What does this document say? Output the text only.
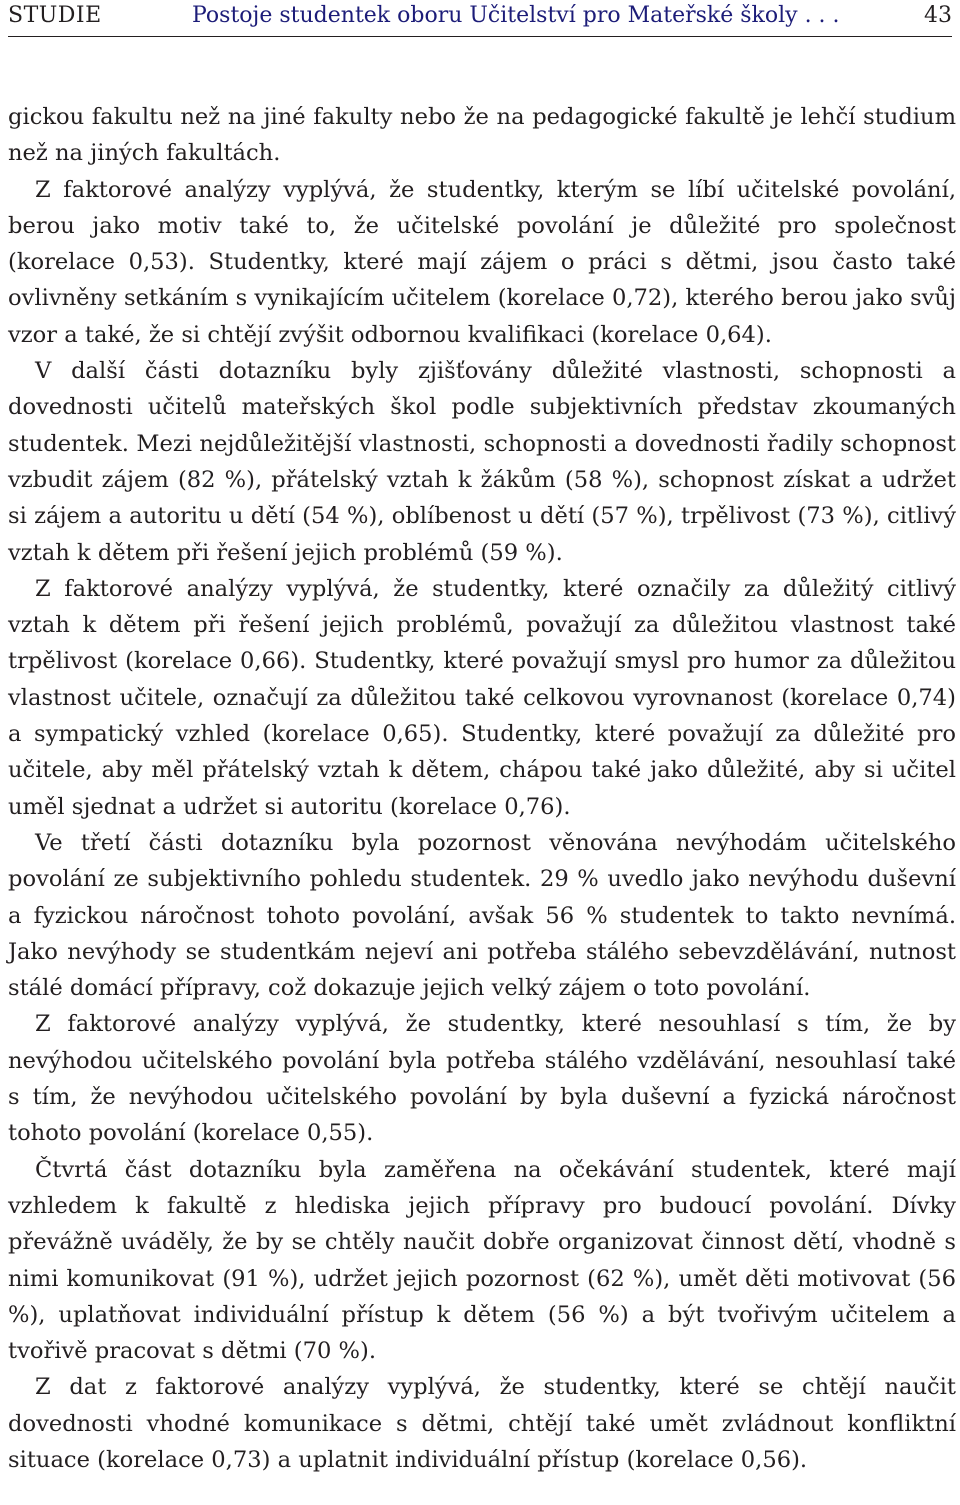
STUDIE	Postoje studentek oboru Učitelství pro Mateřské školy . . .	43

gickou fakultu než na jiné fakulty nebo že na pedagogické fakultě je lehčí studium než na jiných fakultách.

Z faktorové analýzy vyplývá, že studentky, kterým se líbí učitelské povolání, berou jako motiv také to, že učitelské povolání je důležité pro společnost (korelace 0,53). Studentky, které mají zájem o práci s dětmi, jsou často také ovlivněny setkáním s vynikajícím učitelem (korelace 0,72), kterého berou jako svůj vzor a také, že si chtějí zvýšit odbornou kvalifikaci (korelace 0,64).

V další části dotazníku byly zjišťovány důležité vlastnosti, schopnosti a dovednosti učitelů mateřských škol podle subjektivních představ zkoumaných studentek. Mezi nejdůležitější vlastnosti, schopnosti a dovednosti řadily schopnost vzbudit zájem (82 %), přátelský vztah k žákům (58 %), schopnost získat a udržet si zájem a autoritu u dětí (54 %), oblíbenost u dětí (57 %), trpělivost (73 %), citlivý vztah k dětem při řešení jejich problémů (59 %).

Z faktorové analýzy vyplývá, že studentky, které označily za důležitý citlivý vztah k dětem při řešení jejich problémů, považují za důležitou vlastnost také trpělivost (korelace 0,66). Studentky, které považují smysl pro humor za důležitou vlastnost učitele, označují za důležitou také celkovou vyrovnanost (korelace 0,74) a sympatický vzhled (korelace 0,65). Studentky, které považují za důležité pro učitele, aby měl přátelský vztah k dětem, chápou také jako důležité, aby si učitel uměl sjednat a udržet si autoritu (korelace 0,76).

Ve třetí části dotazníku byla pozornost věnována nevýhodám učitelského povolání ze subjektivního pohledu studentek. 29 % uvedlo jako nevýhodu duševní a fyzickou náročnost tohoto povolání, avšak 56 % studentek to takto nevnímá. Jako nevýhody se studentkám nejeví ani potřeba stálého sebevzdělávání, nutnost stálé domácí přípravy, což dokazuje jejich velký zájem o toto povolání.

Z faktorové analýzy vyplývá, že studentky, které nesouhlasí s tím, že by nevýhodou učitelského povolání byla potřeba stálého vzdělávání, nesouhlasí také s tím, že nevýhodou učitelského povolání by byla duševní a fyzická náročnost tohoto povolání (korelace 0,55).

Čtvrtá část dotazníku byla zaměřena na očekávání studentek, které mají vzhledem k fakultě z hlediska jejich přípravy pro budoucí povolání. Dívky převážně uváděly, že by se chtěly naučit dobře organizovat činnost dětí, vhodně s nimi komunikovat (91 %), udržet jejich pozornost (62 %), umět děti motivovat (56 %), uplatňovat individuální přístup k dětem (56 %) a být tvořivým učitelem a tvořivě pracovat s dětmi (70 %).

Z dat z faktorové analýzy vyplývá, že studentky, které se chtějí naučit dovednosti vhodné komunikace s dětmi, chtějí také umět zvládnout konfliktní situace (korelace 0,73) a uplatnit individuální přístup (korelace 0,56).
